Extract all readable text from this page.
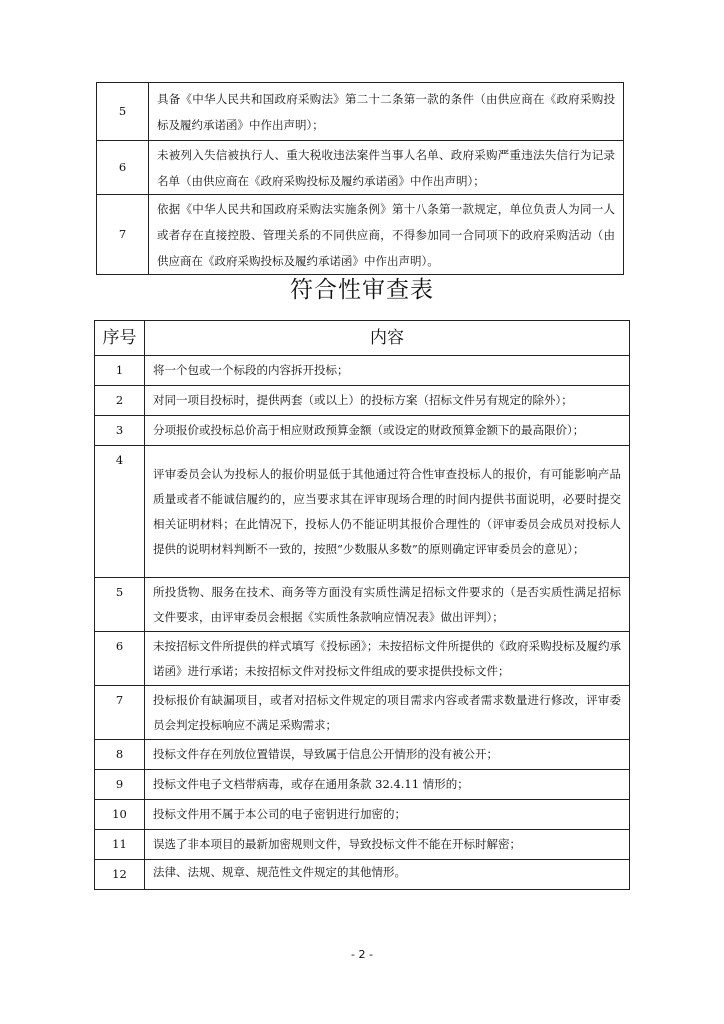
5	具备《中华人民共和国政府采购法》第二十二条第一款的条件（由供应商在《政府采购投标及履约承诺函》中作出声明）；
6	未被列入失信被执行人、重大税收违法案件当事人名单、政府采购严重违法失信行为记录名单（由供应商在《政府采购投标及履约承诺函》中作出声明）；
7	依据《中华人民共和国政府采购法实施条例》第十八条第一款规定，单位负责人为同一人或者存在直接控股、管理关系的不同供应商，不得参加同一合同项下的政府采购活动（由供应商在《政府采购投标及履约承诺函》中作出声明）。
符合性审查表
序号	内容
1	将一个包或一个标段的内容拆开投标；
2	对同一项目投标时，提供两套（或以上）的投标方案（招标文件另有规定的除外）；
3	分项报价或投标总价高于相应财政预算金额（或设定的财政预算金额下的最高限价）；
4	评审委员会认为投标人的报价明显低于其他通过符合性审查投标人的报价，有可能影响产品质量或者不能诚信履约的，应当要求其在评审现场合理的时间内提供书面说明，必要时提交相关证明材料；在此情况下，投标人仍不能证明其报价合理性的（评审委员会成员对投标人提供的说明材料判断不一致的，按照“少数服从多数”的原则确定评审委员会的意见）；
5	所投货物、服务在技术、商务等方面没有实质性满足招标文件要求的（是否实质性满足招标文件要求，由评审委员会根据《实质性条款响应情况表》做出评判）；
6	未按招标文件所提供的样式填写《投标函》；未按招标文件所提供的《政府采购投标及履约承诺函》进行承诺；未按招标文件对投标文件组成的要求提供投标文件；
7	投标报价有缺漏项目，或者对招标文件规定的项目需求内容或者需求数量进行修改，评审委员会判定投标响应不满足采购需求；
8	投标文件存在列放位置错误，导致属于信息公开情形的没有被公开；
9	投标文件电子文档带病毒，或存在通用条款 32.4.11 情形的；
10	投标文件用不属于本公司的电子密钥进行加密的；
11	误选了非本项目的最新加密规则文件，导致投标文件不能在开标时解密；
12	法律、法规、规章、规范性文件规定的其他情形。
- 2 -
